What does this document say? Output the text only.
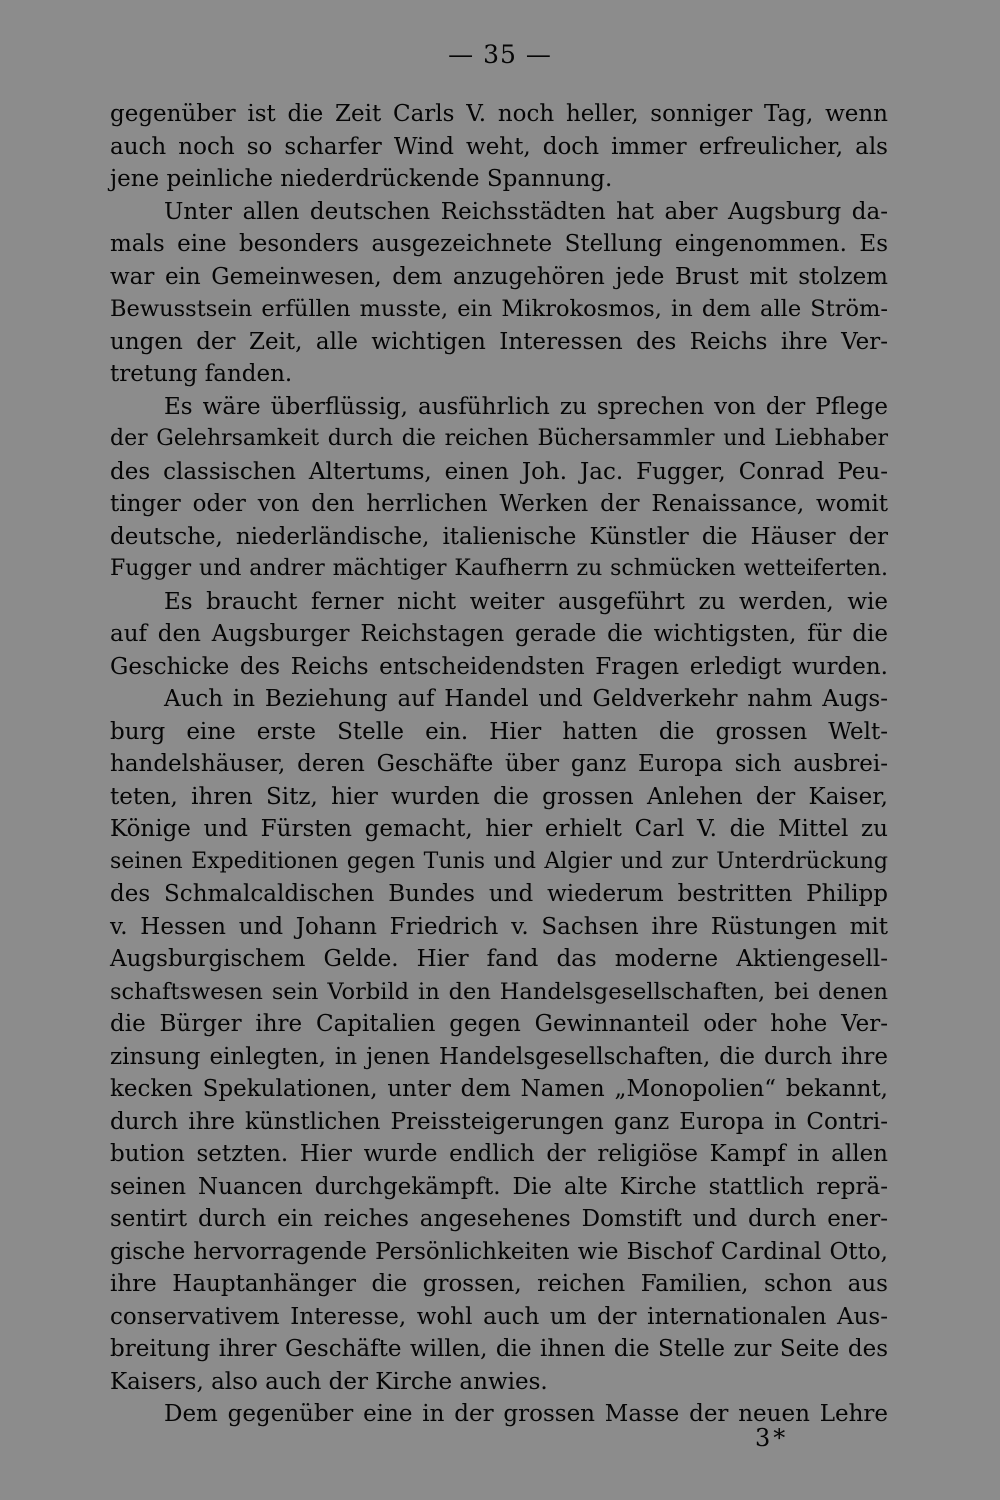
— 35 —
gegenüber ist die Zeit Carls V. noch heller, sonniger Tag, wenn
auch noch so scharfer Wind weht, doch immer erfreulicher, als
jene peinliche niederdrückende Spannung.
Unter allen deutschen Reichsstädten hat aber Augsburg da-
mals eine besonders ausgezeichnete Stellung eingenommen. Es
war ein Gemeinwesen, dem anzugehören jede Brust mit stolzem
Bewusstsein erfüllen musste, ein Mikrokosmos, in dem alle Ström-
ungen der Zeit, alle wichtigen Interessen des Reichs ihre Ver-
tretung fanden.
Es wäre überflüssig, ausführlich zu sprechen von der Pflege
der Gelehrsamkeit durch die reichen Büchersammler und Liebhaber
des classischen Altertums, einen Joh. Jac. Fugger, Conrad Peu-
tinger oder von den herrlichen Werken der Renaissance, womit
deutsche, niederländische, italienische Künstler die Häuser der
Fugger und andrer mächtiger Kaufherrn zu schmücken wetteiferten.
Es braucht ferner nicht weiter ausgeführt zu werden, wie
auf den Augsburger Reichstagen gerade die wichtigsten, für die
Geschicke des Reichs entscheidendsten Fragen erledigt wurden.
Auch in Beziehung auf Handel und Geldverkehr nahm Augs-
burg eine erste Stelle ein. Hier hatten die grossen Welt-
handelshäuser, deren Geschäfte über ganz Europa sich ausbrei-
teten, ihren Sitz, hier wurden die grossen Anlehen der Kaiser,
Könige und Fürsten gemacht, hier erhielt Carl V. die Mittel zu
seinen Expeditionen gegen Tunis und Algier und zur Unterdrückung
des Schmalcaldischen Bundes und wiederum bestritten Philipp
v. Hessen und Johann Friedrich v. Sachsen ihre Rüstungen mit
Augsburgischem Gelde. Hier fand das moderne Aktiengesell-
schaftswesen sein Vorbild in den Handelsgesellschaften, bei denen
die Bürger ihre Capitalien gegen Gewinnanteil oder hohe Ver-
zinsung einlegten, in jenen Handelsgesellschaften, die durch ihre
kecken Spekulationen, unter dem Namen „Monopolien“ bekannt,
durch ihre künstlichen Preissteigerungen ganz Europa in Contri-
bution setzten. Hier wurde endlich der religiöse Kampf in allen
seinen Nuancen durchgekämpft. Die alte Kirche stattlich reprä-
sentirt durch ein reiches angesehenes Domstift und durch ener-
gische hervorragende Persönlichkeiten wie Bischof Cardinal Otto,
ihre Hauptanhänger die grossen, reichen Familien, schon aus
conservativem Interesse, wohl auch um der internationalen Aus-
breitung ihrer Geschäfte willen, die ihnen die Stelle zur Seite des
Kaisers, also auch der Kirche anwies.
Dem gegenüber eine in der grossen Masse der neuen Lehre
3*
